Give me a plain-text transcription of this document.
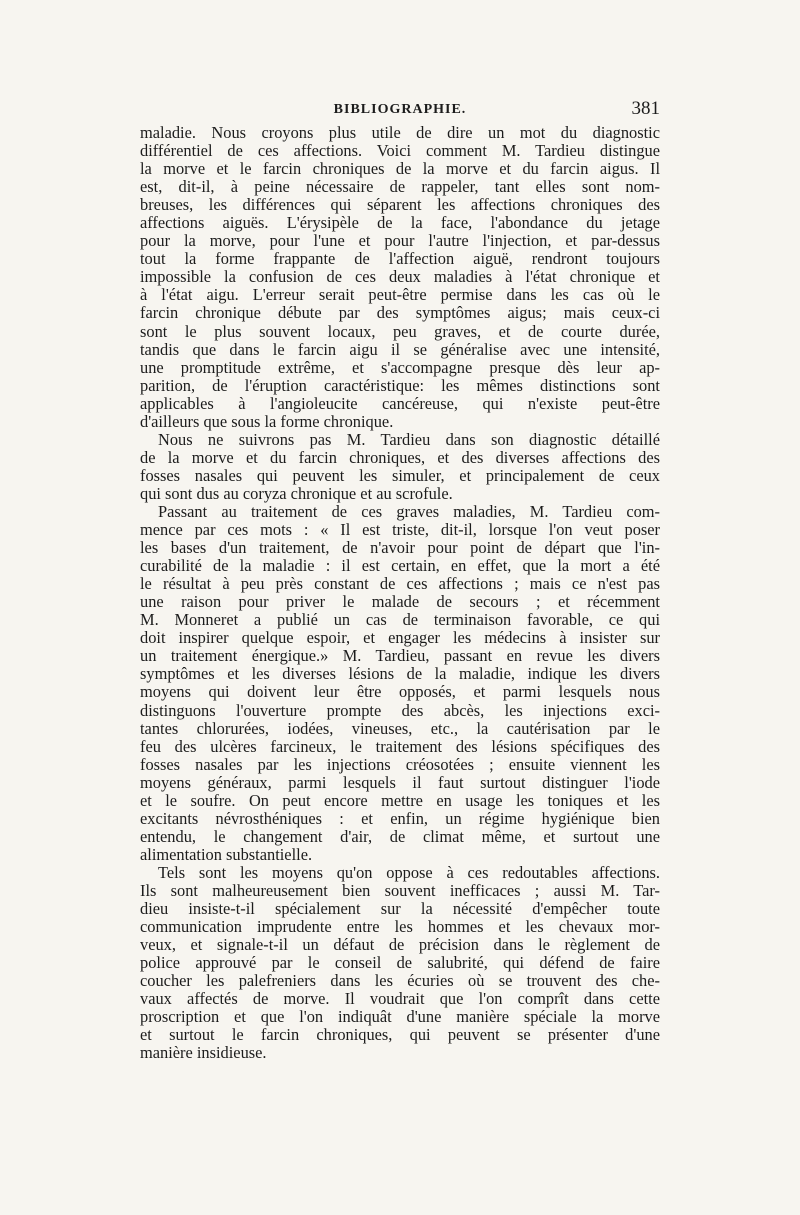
BIBLIOGRAPHIE.	381
maladie. Nous croyons plus utile de dire un mot du diagnostic
différentiel de ces affections. Voici comment M. Tardieu distingue
la morve et le farcin chroniques de la morve et du farcin aigus. Il
est, dit-il, à peine nécessaire de rappeler, tant elles sont nom-
breuses, les différences qui séparent les affections chroniques des
affections aiguës. L'érysipèle de la face, l'abondance du jetage
pour la morve, pour l'une et pour l'autre l'injection, et par-dessus
tout la forme frappante de l'affection aiguë, rendront toujours
impossible la confusion de ces deux maladies à l'état chronique et
à l'état aigu. L'erreur serait peut-être permise dans les cas où le
farcin chronique débute par des symptômes aigus; mais ceux-ci
sont le plus souvent locaux, peu graves, et de courte durée,
tandis que dans le farcin aigu il se généralise avec une intensité,
une promptitude extrême, et s'accompagne presque dès leur ap-
parition, de l'éruption caractéristique: les mêmes distinctions sont
applicables à l'angioleucite cancéreuse, qui n'existe peut-être
d'ailleurs que sous la forme chronique.
Nous ne suivrons pas M. Tardieu dans son diagnostic détaillé
de la morve et du farcin chroniques, et des diverses affections des
fosses nasales qui peuvent les simuler, et principalement de ceux
qui sont dus au coryza chronique et au scrofule.
Passant au traitement de ces graves maladies, M. Tardieu com-
mence par ces mots : « Il est triste, dit-il, lorsque l'on veut poser
les bases d'un traitement, de n'avoir pour point de départ que l'in-
curabilité de la maladie : il est certain, en effet, que la mort a été
le résultat à peu près constant de ces affections ; mais ce n'est pas
une raison pour priver le malade de secours ; et récemment
M. Monneret a publié un cas de terminaison favorable, ce qui
doit inspirer quelque espoir, et engager les médecins à insister sur
un traitement énergique.» M. Tardieu, passant en revue les divers
symptômes et les diverses lésions de la maladie, indique les divers
moyens qui doivent leur être opposés, et parmi lesquels nous
distinguons l'ouverture prompte des abcès, les injections exci-
tantes chlorurées, iodées, vineuses, etc., la cautérisation par le
feu des ulcères farcineux, le traitement des lésions spécifiques des
fosses nasales par les injections créosotées ; ensuite viennent les
moyens généraux, parmi lesquels il faut surtout distinguer l'iode
et le soufre. On peut encore mettre en usage les toniques et les
excitants névrosthéniques : et enfin, un régime hygiénique bien
entendu, le changement d'air, de climat même, et surtout une
alimentation substantielle.
Tels sont les moyens qu'on oppose à ces redoutables affections.
Ils sont malheureusement bien souvent inefficaces ; aussi M. Tar-
dieu insiste-t-il spécialement sur la nécessité d'empêcher toute
communication imprudente entre les hommes et les chevaux mor-
veux, et signale-t-il un défaut de précision dans le règlement de
police approuvé par le conseil de salubrité, qui défend de faire
coucher les palefreniers dans les écuries où se trouvent des che-
vaux affectés de morve. Il voudrait que l'on comprît dans cette
proscription et que l'on indiquât d'une manière spéciale la morve
et surtout le farcin chroniques, qui peuvent se présenter d'une
manière insidieuse.
